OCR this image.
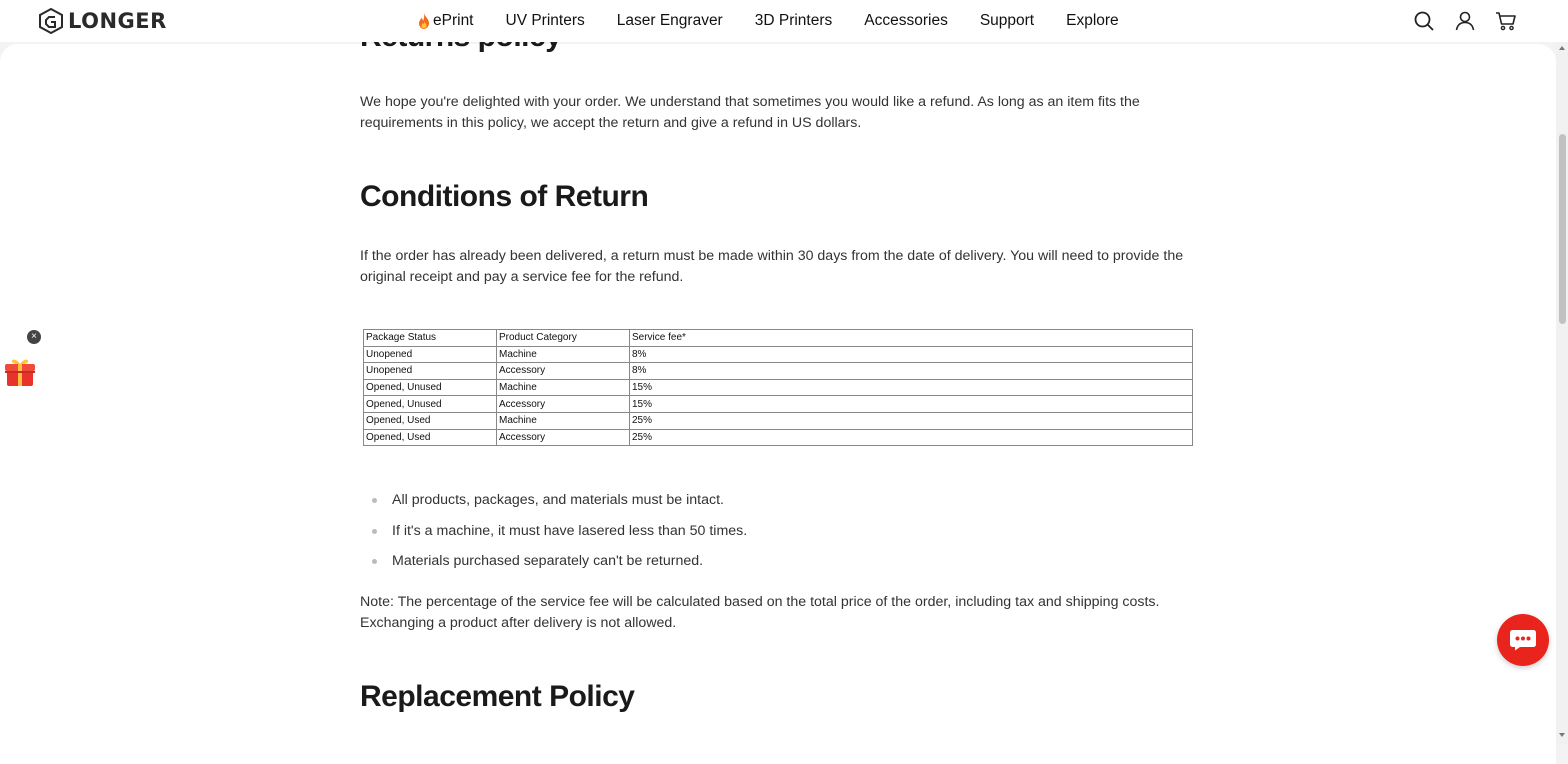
LONGER	ePrint UV Printers Laser Engraver 3D Printers Accessories Support Explore

We hope you're delighted with your order. We understand that sometimes you would like a refund. As long as an item fits the requirements in this policy, we accept the return and give a refund in US dollars.

Conditions of Return

If the order has already been delivered, a return must be made within 30 days from the date of delivery. You will need to provide the original receipt and pay a service fee for the refund.

Package Status	Product Category	Service fee*
Unopened	Machine	8%
Unopened	Accessory	8%
Opened, Unused	Machine	15%
Opened, Unused	Accessory	15%
Opened, Used	Machine	25%
Opened, Used	Accessory	25%
All products, packages, and materials must be intact.
If it's a machine, it must have lasered less than 50 times.
Materials purchased separately can't be returned.

Note: The percentage of the service fee will be calculated based on the total price of the order, including tax and shipping costs. Exchanging a product after delivery is not allowed.

Replacement Policy
×
